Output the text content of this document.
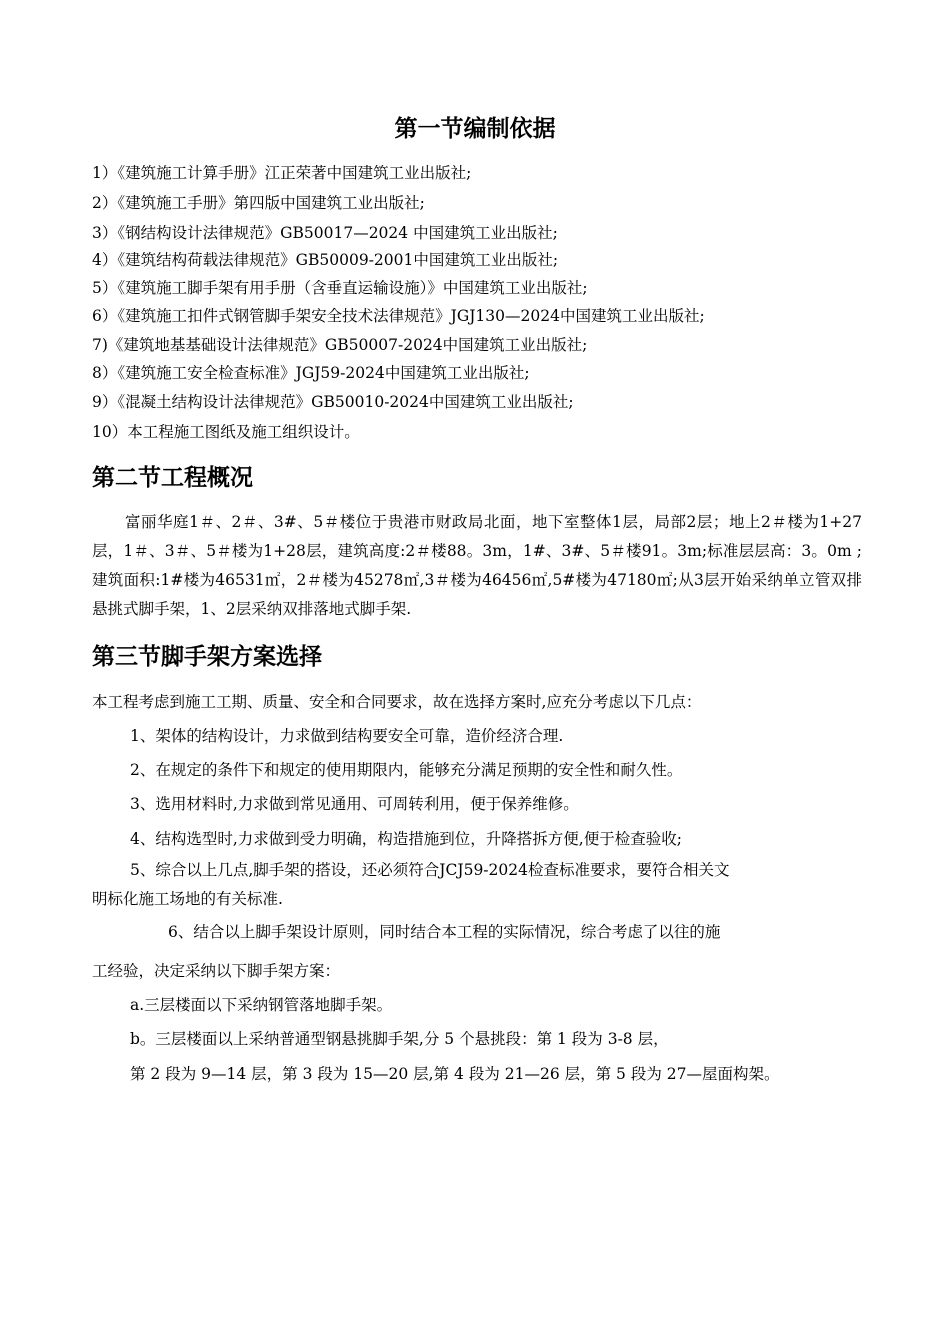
第一节编制依据
1）《建筑施工计算手册》江正荣著中国建筑工业出版社;
2）《建筑施工手册》第四版中国建筑工业出版社;
3）《钢结构设计法律规范》GB50017—2024 中国建筑工业出版社;
4）《建筑结构荷载法律规范》GB50009-2001中国建筑工业出版社;
5）《建筑施工脚手架有用手册（含垂直运输设施）》中国建筑工业出版社;
6）《建筑施工扣件式钢管脚手架安全技术法律规范》JGJ130—2024中国建筑工业出版社;
7)《建筑地基基础设计法律规范》GB50007-2024中国建筑工业出版社;
8）《建筑施工安全检查标准》JGJ59-2024中国建筑工业出版社;
9）《混凝土结构设计法律规范》GB50010-2024中国建筑工业出版社;
10）本工程施工图纸及施工组织设计。
第二节工程概况
富丽华庭1＃、2＃、3#、5＃楼位于贵港市财政局北面，地下室整体1层，局部2层；地上2＃楼为1+27层，1＃、3＃、5＃楼为1+28层，建筑高度:2＃楼88。3m，1#、3#、5＃楼91。3m;标准层层高：3。0m ;建筑面积:1#楼为46531㎡，2＃楼为45278㎡,3＃楼为46456㎡,5#楼为47180㎡;从3层开始采纳单立管双排悬挑式脚手架，1、2层采纳双排落地式脚手架.
第三节脚手架方案选择
本工程考虑到施工工期、质量、安全和合同要求，故在选择方案时,应充分考虑以下几点：
1、架体的结构设计，力求做到结构要安全可靠，造价经济合理.
2、在规定的条件下和规定的使用期限内，能够充分满足预期的安全性和耐久性。
3、选用材料时,力求做到常见通用、可周转利用，便于保养维修。
4、结构选型时,力求做到受力明确，构造措施到位，升降搭拆方便,便于检查验收;
5、综合以上几点,脚手架的搭设，还必须符合JCJ59-2024检查标准要求，要符合相关文
明标化施工场地的有关标准.
6、结合以上脚手架设计原则，同时结合本工程的实际情况，综合考虑了以往的施
工经验，决定采纳以下脚手架方案：
a.三层楼面以下采纳钢管落地脚手架。
b。三层楼面以上采纳普通型钢悬挑脚手架,分 5 个悬挑段：第 1 段为 3-8 层，
第 2 段为 9—14 层，第 3 段为 15—20 层,第 4 段为 21—26 层，第 5 段为 27—屋面构架。
